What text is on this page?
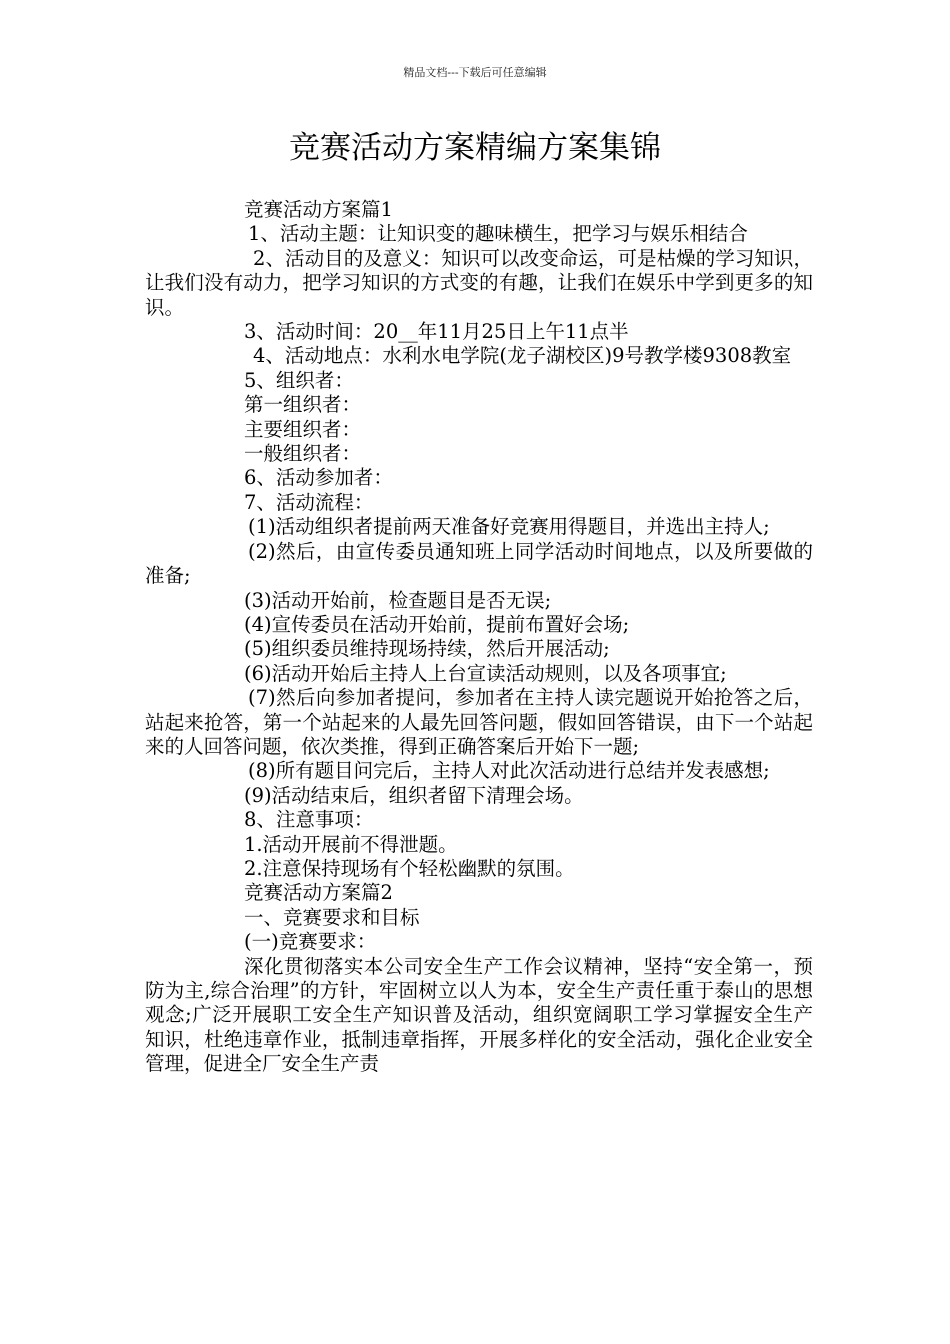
精品文档---下载后可任意编辑
竞赛活动方案精编方案集锦

竞赛活动方案篇1

1、活动主题：让知识变的趣味横生，把学习与娱乐相结合

2、活动目的及意义：知识可以改变命运，可是枯燥的学习知识，让我们没有动力，把学习知识的方式变的有趣，让我们在娱乐中学到更多的知识。

3、活动时间：20__年11月25日上午11点半

4、活动地点：水利水电学院(龙子湖校区)9号教学楼9308教室

5、组织者：

第一组织者：

主要组织者：

一般组织者：

6、活动参加者：

7、活动流程：

(1)活动组织者提前两天准备好竞赛用得题目，并选出主持人;

(2)然后，由宣传委员通知班上同学活动时间地点，以及所要做的准备;

(3)活动开始前，检查题目是否无误;

(4)宣传委员在活动开始前，提前布置好会场;

(5)组织委员维持现场持续，然后开展活动;

(6)活动开始后主持人上台宣读活动规则，以及各项事宜;

(7)然后向参加者提问，参加者在主持人读完题说开始抢答之后，站起来抢答，第一个站起来的人最先回答问题，假如回答错误，由下一个站起来的人回答问题，依次类推，得到正确答案后开始下一题;

(8)所有题目问完后，主持人对此次活动进行总结并发表感想;

(9)活动结束后，组织者留下清理会场。

8、注意事项：

1.活动开展前不得泄题。

2.注意保持现场有个轻松幽默的氛围。

竞赛活动方案篇2

一、竞赛要求和目标

(一)竞赛要求：

深化贯彻落实本公司安全生产工作会议精神，坚持“安全第一，预防为主,综合治理”的方针，牢固树立以人为本，安全生产责任重于泰山的思想观念;广泛开展职工安全生产知识普及活动，组织宽阔职工学习掌握安全生产知识，杜绝违章作业，抵制违章指挥，开展多样化的安全活动，强化企业安全管理，促进全厂安全生产责
